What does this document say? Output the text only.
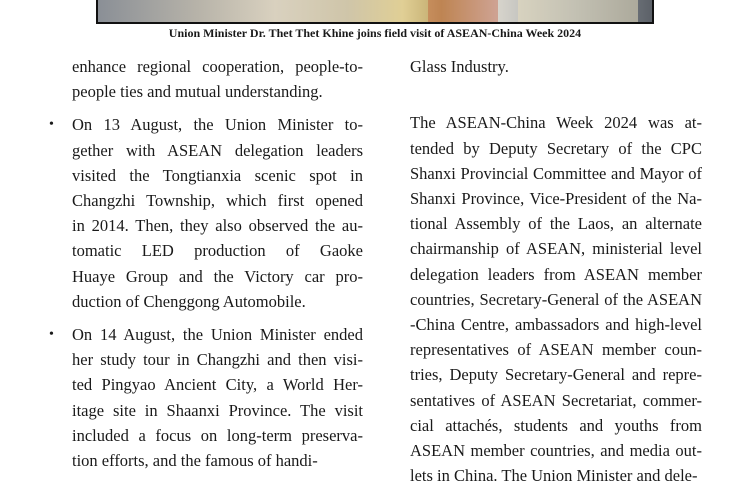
Union Minister Dr. Thet Thet Khine joins field visit of ASEAN-China Week 2024

enhance regional cooperation, people-to-
people ties and mutual understanding.

• On 13 August, the Union Minister to-
gether with ASEAN delegation leaders
visited the Tongtianxia scenic spot in
Changzhi Township, which first opened
in 2014. Then, they also observed the au-
tomatic LED production of Gaoke
Huaye Group and the Victory car pro-
duction of Chenggong Automobile.
• On 14 August, the Union Minister ended
her study tour in Changzhi and then visi-
ted Pingyao Ancient City, a World Her-
itage site in Shaanxi Province. The visit
included a focus on long-term preserva-
tion efforts, and the famous of handi-

Glass Industry.

The ASEAN-China Week 2024 was at-
tended by Deputy Secretary of the CPC
Shanxi Provincial Committee and Mayor of
Shanxi Province, Vice-President of the Na-
tional Assembly of the Laos, an alternate
chairmanship of ASEAN, ministerial level
delegation leaders from ASEAN member
countries, Secretary-General of the ASEAN
-China Centre, ambassadors and high-level
representatives of ASEAN member coun-
tries, Deputy Secretary-General and repre-
sentatives of ASEAN Secretariat, commer-
cial attachés, students and youths from
ASEAN member countries, and media out-
lets in China. The Union Minister and dele-
